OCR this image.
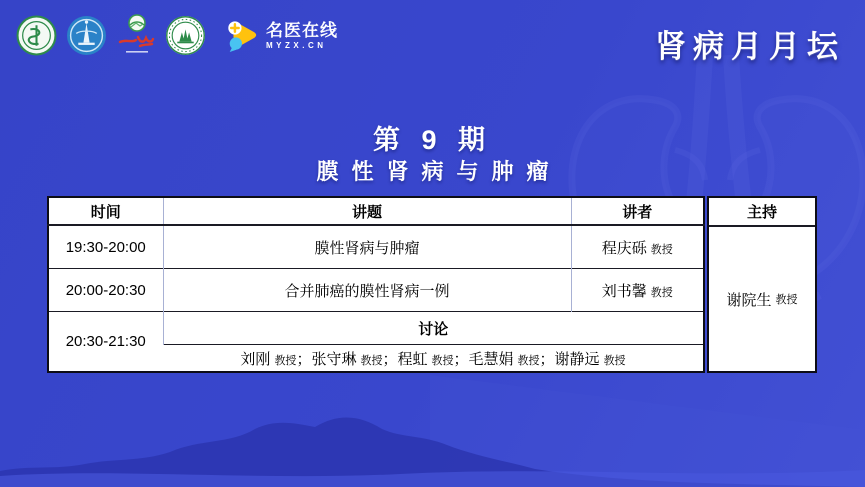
名医在线
MYZX.CN	肾病月月坛
第 9 期
膜性肾病与肿瘤
时间	讲题	讲者
19:30-20:00	膜性肾病与肿瘤	程庆砾 教授
20:00-20:30	合并肺癌的膜性肾病一例	刘书馨 教授
20:30-21:30	讨论	
	刘刚 教授；张守琳 教授；程虹 教授；毛慧娟 教授；谢静远 教授	
主持
谢院生 教授
